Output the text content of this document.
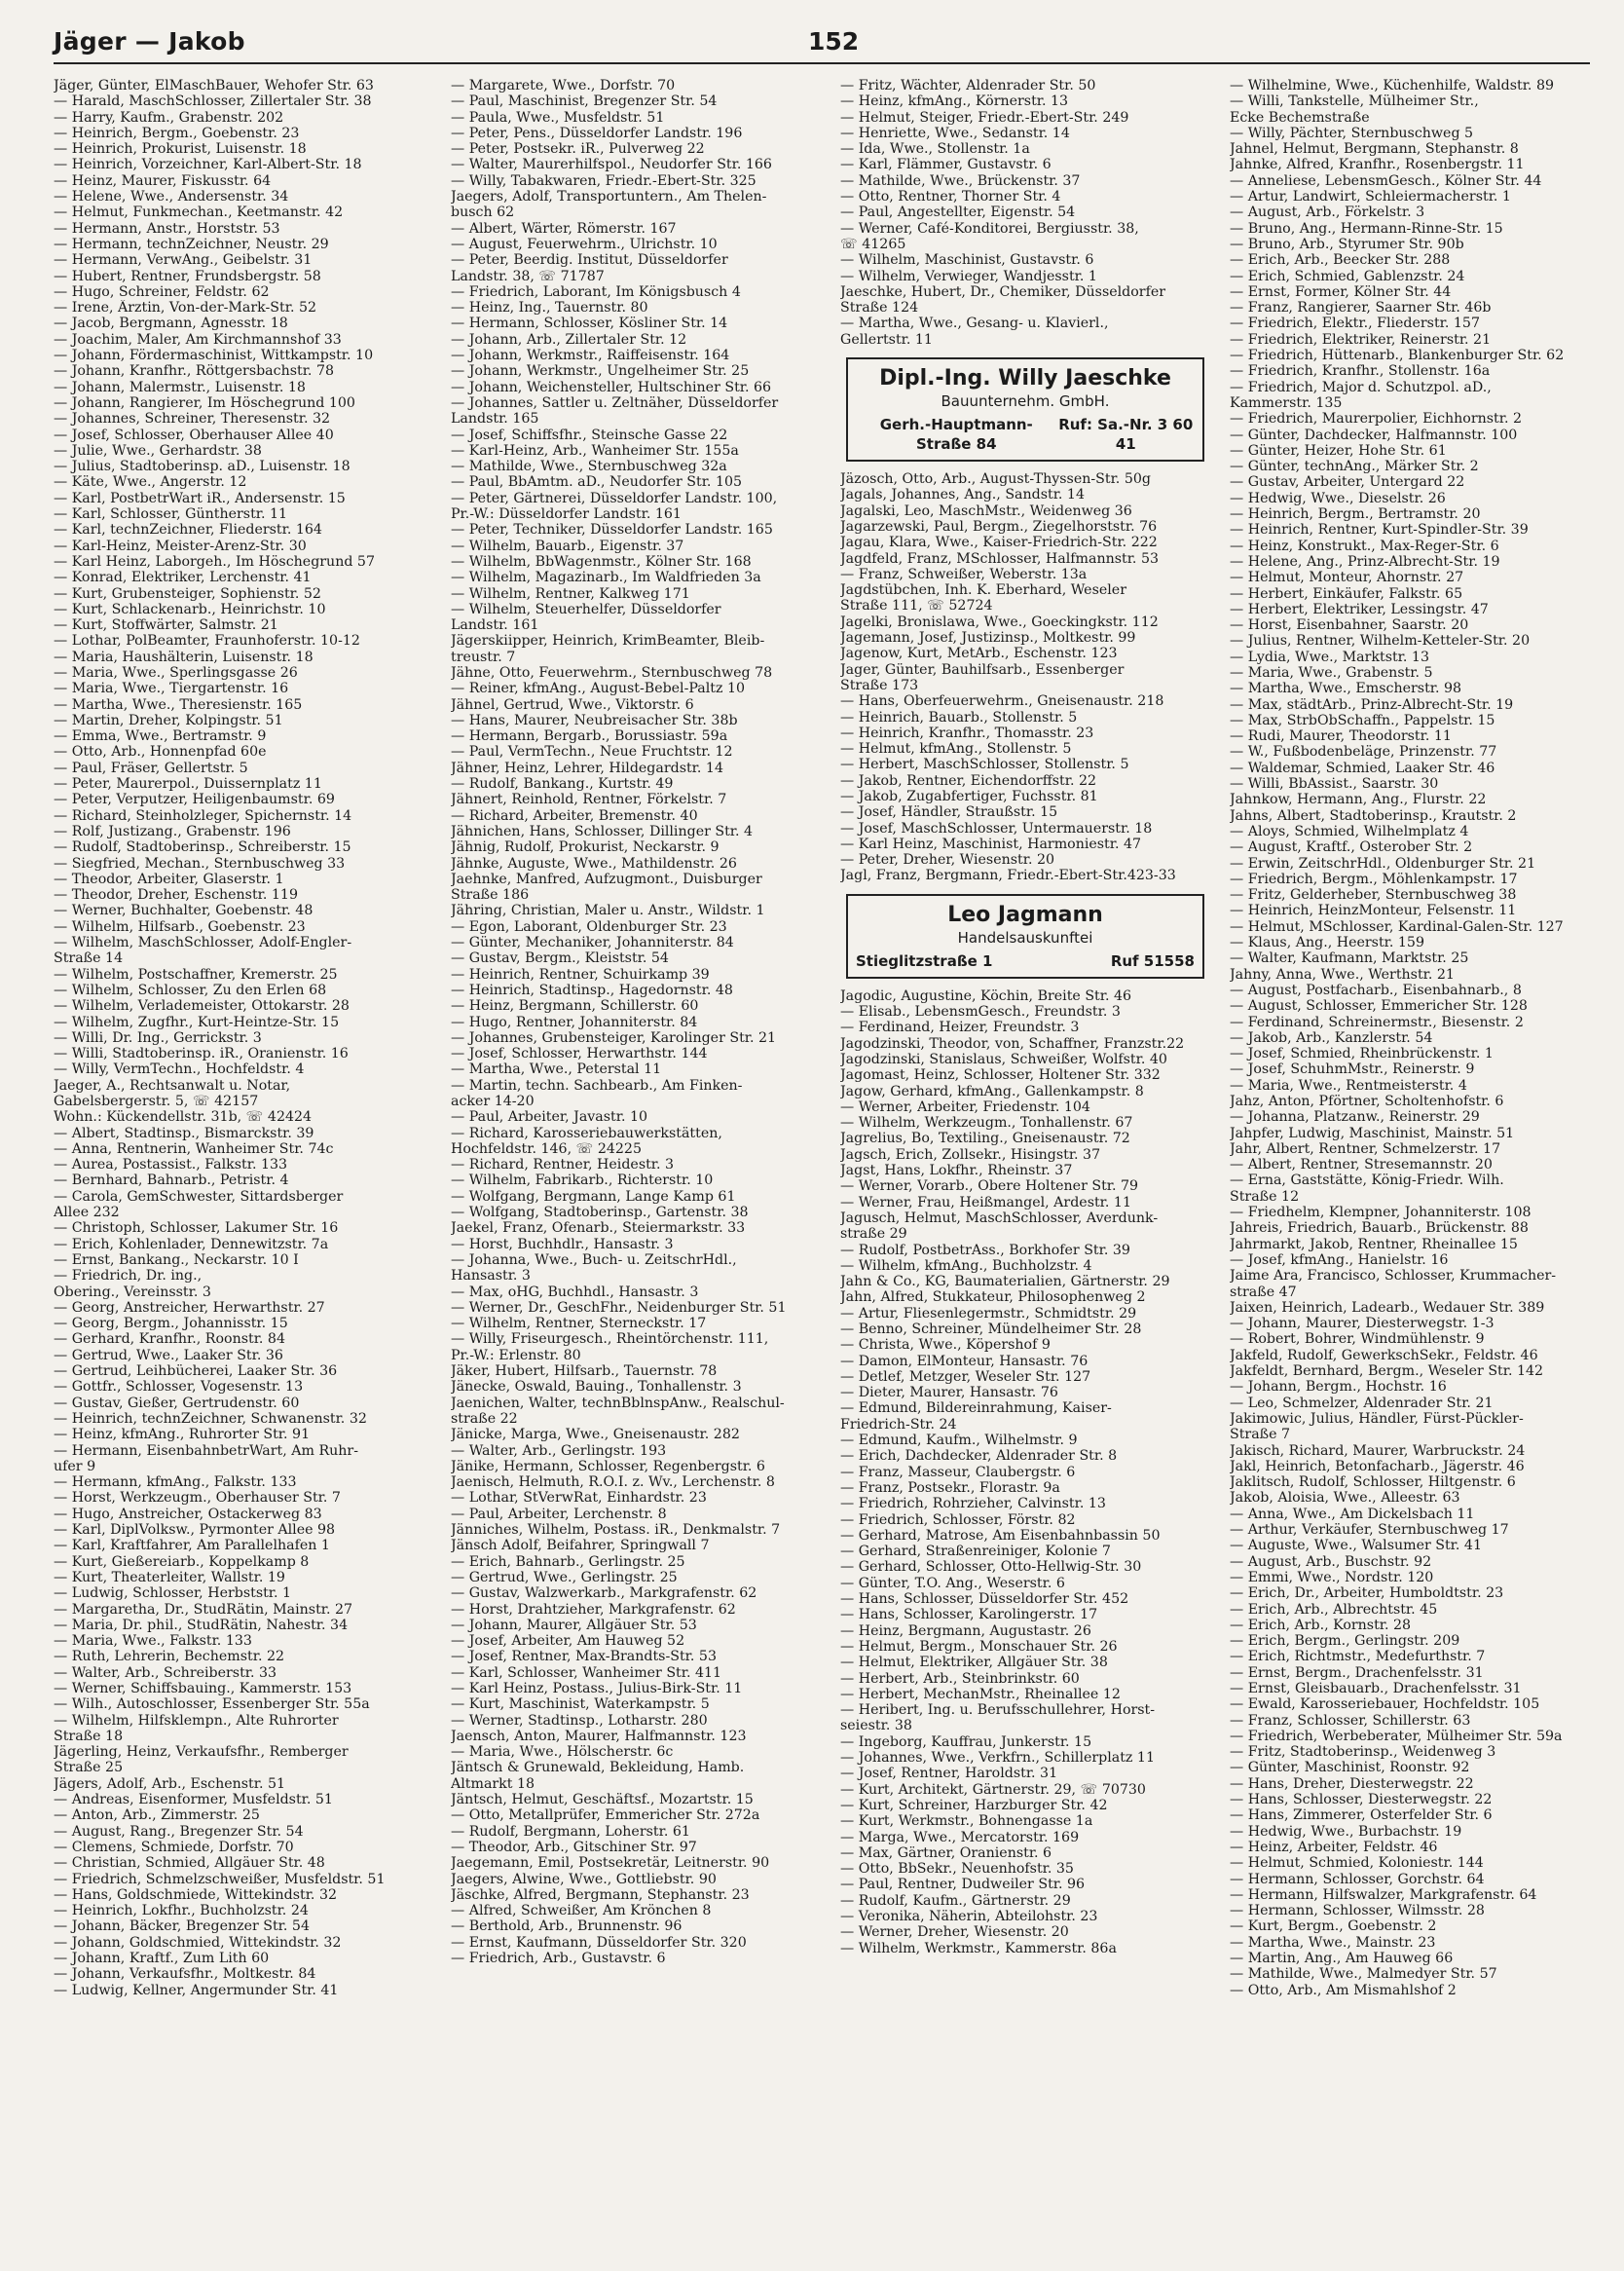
Jäger — Jakob	152
Jäger, Günter, ElMaschBauer, Wehofer Str. 63
— Harald, MaschSchlosser, Zillertaler Str. 38
— Harry, Kaufm., Grabenstr. 202
— Heinrich, Bergm., Goebenstr. 23
— Heinrich, Prokurist, Luisenstr. 18
— Heinrich, Vorzeichner, Karl-Albert-Str. 18
— Heinz, Maurer, Fiskusstr. 64
— Helene, Wwe., Andersenstr. 34
— Helmut, Funkmechan., Keetmanstr. 42
— Hermann, Anstr., Horststr. 53
— Hermann, technZeichner, Neustr. 29
— Hermann, VerwAng., Geibelstr. 31
— Hubert, Rentner, Frundsbergstr. 58
— Hugo, Schreiner, Feldstr. 62
— Irene, Ärztin, Von-der-Mark-Str. 52
— Jacob, Bergmann, Agnesstr. 18
— Joachim, Maler, Am Kirchmannshof 33
— Johann, Fördermaschinist, Wittkampstr. 10
— Johann, Kranfhr., Röttgersbachstr. 78
— Johann, Malermstr., Luisenstr. 18
— Johann, Rangierer, Im Höschegrund 100
— Johannes, Schreiner, Theresenstr. 32
— Josef, Schlosser, Oberhauser Allee 40
— Julie, Wwe., Gerhardstr. 38
— Julius, Stadtoberinsp. aD., Luisenstr. 18
— Käte, Wwe., Angerstr. 12
— Karl, PostbetrWart iR., Andersenstr. 15
— Karl, Schlosser, Güntherstr. 11
— Karl, technZeichner, Fliederstr. 164
— Karl-Heinz, Meister-Arenz-Str. 30
— Karl Heinz, Laborgeh., Im Höschegrund 57
— Konrad, Elektriker, Lerchenstr. 41
— Kurt, Grubensteiger, Sophienstr. 52
— Kurt, Schlackenarb., Heinrichstr. 10
— Kurt, Stoffwärter, Salmstr. 21
— Lothar, PolBeamter, Fraunhoferstr. 10-12
— Maria, Haushälterin, Luisenstr. 18
— Maria, Wwe., Sperlingsgasse 26
— Maria, Wwe., Tiergartenstr. 16
— Martha, Wwe., Theresienstr. 165
— Martin, Dreher, Kolpingstr. 51
— Emma, Wwe., Bertramstr. 9
— Otto, Arb., Honnenpfad 60e
— Paul, Fräser, Gellertstr. 5
— Peter, Maurerpol., Duissernplatz 11
— Peter, Verputzer, Heiligenbaumstr. 69
— Richard, Steinholzleger, Spichernstr. 14
— Rolf, Justizang., Grabenstr. 196
— Rudolf, Stadtoberinsp., Schreiberstr. 15
— Siegfried, Mechan., Sternbuschweg 33
— Theodor, Arbeiter, Glaserstr. 1
— Theodor, Dreher, Eschenstr. 119
— Werner, Buchhalter, Goebenstr. 48
— Wilhelm, Hilfsarb., Goebenstr. 23
— Wilhelm, MaschSchlosser, Adolf-Engler-
Straße 14
— Wilhelm, Postschaffner, Kremerstr. 25
— Wilhelm, Schlosser, Zu den Erlen 68
— Wilhelm, Verlademeister, Ottokarstr. 28
— Wilhelm, Zugfhr., Kurt-Heintze-Str. 15
— Willi, Dr. Ing., Gerrickstr. 3
— Willi, Stadtoberinsp. iR., Oranienstr. 16
— Willy, VermTechn., Hochfeldstr. 4
Jaeger, A., Rechtsanwalt u. Notar,
Gabelsbergerstr. 5, ☏ 42157
Wohn.: Kückendellstr. 31b, ☏ 42424
— Albert, Stadtinsp., Bismarckstr. 39
— Anna, Rentnerin, Wanheimer Str. 74c
— Aurea, Postassist., Falkstr. 133
— Bernhard, Bahnarb., Petristr. 4
— Carola, GemSchwester, Sittardsberger
Allee 232
— Christoph, Schlosser, Lakumer Str. 16
— Erich, Kohlenlader, Dennewitzstr. 7a
— Ernst, Bankang., Neckarstr. 10 I
— Friedrich, Dr. ing.,
Obering., Vereinsstr. 3
— Georg, Anstreicher, Herwarthstr. 27
— Georg, Bergm., Johannisstr. 15
— Gerhard, Kranfhr., Roonstr. 84
— Gertrud, Wwe., Laaker Str. 36
— Gertrud, Leihbücherei, Laaker Str. 36
— Gottfr., Schlosser, Vogesenstr. 13
— Gustav, Gießer, Gertrudenstr. 60
— Heinrich, technZeichner, Schwanenstr. 32
— Heinz, kfmAng., Ruhrorter Str. 91
— Hermann, EisenbahnbetrWart, Am Ruhr-
ufer 9
— Hermann, kfmAng., Falkstr. 133
— Horst, Werkzeugm., Oberhauser Str. 7
— Hugo, Anstreicher, Ostackerweg 83
— Karl, DiplVolksw., Pyrmonter Allee 98
— Karl, Kraftfahrer, Am Parallelhafen 1
— Kurt, Gießereiarb., Koppelkamp 8
— Kurt, Theaterleiter, Wallstr. 19
— Ludwig, Schlosser, Herbststr. 1
— Margaretha, Dr., StudRätin, Mainstr. 27
— Maria, Dr. phil., StudRätin, Nahestr. 34
— Maria, Wwe., Falkstr. 133
— Ruth, Lehrerin, Bechemstr. 22
— Walter, Arb., Schreiberstr. 33
— Werner, Schiffsbauing., Kammerstr. 153
— Wilh., Autoschlosser, Essenberger Str. 55a
— Wilhelm, Hilfsklempn., Alte Ruhrorter
Straße 18
Jägerling, Heinz, Verkaufsfhr., Remberger
Straße 25
Jägers, Adolf, Arb., Eschenstr. 51
— Andreas, Eisenformer, Musfeldstr. 51
— Anton, Arb., Zimmerstr. 25
— August, Rang., Bregenzer Str. 54
— Clemens, Schmiede, Dorfstr. 70
— Christian, Schmied, Allgäuer Str. 48
— Friedrich, Schmelzschweißer, Musfeldstr. 51
— Hans, Goldschmiede, Wittekindstr. 32
— Heinrich, Lokfhr., Buchholzstr. 24
— Johann, Bäcker, Bregenzer Str. 54
— Johann, Goldschmied, Wittekindstr. 32
— Johann, Kraftf., Zum Lith 60
— Johann, Verkaufsfhr., Moltkestr. 84
— Ludwig, Kellner, Angermunder Str. 41
— Margarete, Wwe., Dorfstr. 70
— Paul, Maschinist, Bregenzer Str. 54
— Paula, Wwe., Musfeldstr. 51
— Peter, Pens., Düsseldorfer Landstr. 196
— Peter, Postsekr. iR., Pulverweg 22
— Walter, Maurerhilfspol., Neudorfer Str. 166
— Willy, Tabakwaren, Friedr.-Ebert-Str. 325
Jaegers, Adolf, Transportuntern., Am Thelen-
busch 62
— Albert, Wärter, Römerstr. 167
— August, Feuerwehrm., Ulrichstr. 10
— Peter, Beerdig. Institut, Düsseldorfer
Landstr. 38, ☏ 71787
— Friedrich, Laborant, Im Königsbusch 4
— Heinz, Ing., Tauernstr. 80
— Hermann, Schlosser, Kösliner Str. 14
— Johann, Arb., Zillertaler Str. 12
— Johann, Werkmstr., Raiffeisenstr. 164
— Johann, Werkmstr., Ungelheimer Str. 25
— Johann, Weichensteller, Hultschiner Str. 66
— Johannes, Sattler u. Zeltnäher, Düsseldorfer
Landstr. 165
— Josef, Schiffsfhr., Steinsche Gasse 22
— Karl-Heinz, Arb., Wanheimer Str. 155a
— Mathilde, Wwe., Sternbuschweg 32a
— Paul, BbAmtm. aD., Neudorfer Str. 105
— Peter, Gärtnerei, Düsseldorfer Landstr. 100,
Pr.-W.: Düsseldorfer Landstr. 161
— Peter, Techniker, Düsseldorfer Landstr. 165
— Wilhelm, Bauarb., Eigenstr. 37
— Wilhelm, BbWagenmstr., Kölner Str. 168
— Wilhelm, Magazinarb., Im Waldfrieden 3a
— Wilhelm, Rentner, Kalkweg 171
— Wilhelm, Steuerhelfer, Düsseldorfer
Landstr. 161
Jägerskiipper, Heinrich, KrimBeamter, Bleib-
treustr. 7
Jähne, Otto, Feuerwehrm., Sternbuschweg 78
— Reiner, kfmAng., August-Bebel-Paltz 10
Jähnel, Gertrud, Wwe., Viktorstr. 6
— Hans, Maurer, Neubreisacher Str. 38b
— Hermann, Bergarb., Borussiastr. 59a
— Paul, VermTechn., Neue Fruchtstr. 12
Jähner, Heinz, Lehrer, Hildegardstr. 14
— Rudolf, Bankang., Kurtstr. 49
Jähnert, Reinhold, Rentner, Förkelstr. 7
— Richard, Arbeiter, Bremenstr. 40
Jähnichen, Hans, Schlosser, Dillinger Str. 4
Jähnig, Rudolf, Prokurist, Neckarstr. 9
Jähnke, Auguste, Wwe., Mathildenstr. 26
Jaehnke, Manfred, Aufzugmont., Duisburger
Straße 186
Jähring, Christian, Maler u. Anstr., Wildstr. 1
— Egon, Laborant, Oldenburger Str. 23
— Günter, Mechaniker, Johanniterstr. 84
— Gustav, Bergm., Kleiststr. 54
— Heinrich, Rentner, Schuirkamp 39
— Heinrich, Stadtinsp., Hagedornstr. 48
— Heinz, Bergmann, Schillerstr. 60
— Hugo, Rentner, Johanniterstr. 84
— Johannes, Grubensteiger, Karolinger Str. 21
— Josef, Schlosser, Herwarthstr. 144
— Martha, Wwe., Peterstal 11
— Martin, techn. Sachbearb., Am Finken-
acker 14-20
— Paul, Arbeiter, Javastr. 10
— Richard, Karosseriebauwerkstätten,
Hochfeldstr. 146, ☏ 24225
— Richard, Rentner, Heidestr. 3
— Wilhelm, Fabrikarb., Richterstr. 10
— Wolfgang, Bergmann, Lange Kamp 61
— Wolfgang, Stadtoberinsp., Gartenstr. 38
Jaekel, Franz, Ofenarb., Steiermarkstr. 33
— Horst, Buchhdlr., Hansastr. 3
— Johanna, Wwe., Buch- u. ZeitschrHdl.,
Hansastr. 3
— Max, oHG, Buchhdl., Hansastr. 3
— Werner, Dr., GeschFhr., Neidenburger Str. 51
— Wilhelm, Rentner, Sterneckstr. 17
— Willy, Friseurgesch., Rheintörchenstr. 111,
Pr.-W.: Erlenstr. 80
Jäker, Hubert, Hilfsarb., Tauernstr. 78
Jänecke, Oswald, Bauing., Tonhallenstr. 3
Jaenichen, Walter, technBblnspAnw., Realschul-
straße 22
Jänicke, Marga, Wwe., Gneisenaustr. 282
— Walter, Arb., Gerlingstr. 193
Jänike, Hermann, Schlosser, Regenbergstr. 6
Jaenisch, Helmuth, R.O.I. z. Wv., Lerchenstr. 8
— Lothar, StVerwRat, Einhardstr. 23
— Paul, Arbeiter, Lerchenstr. 8
Jänniches, Wilhelm, Postass. iR., Denkmalstr. 7
Jänsch Adolf, Beifahrer, Springwall 7
— Erich, Bahnarb., Gerlingstr. 25
— Gertrud, Wwe., Gerlingstr. 25
— Gustav, Walzwerkarb., Markgrafenstr. 62
— Horst, Drahtzieher, Markgrafenstr. 62
— Johann, Maurer, Allgäuer Str. 53
— Josef, Arbeiter, Am Hauweg 52
— Josef, Rentner, Max-Brandts-Str. 53
— Karl, Schlosser, Wanheimer Str. 411
— Karl Heinz, Postass., Julius-Birk-Str. 11
— Kurt, Maschinist, Waterkampstr. 5
— Werner, Stadtinsp., Lotharstr. 280
Jaensch, Anton, Maurer, Halfmannstr. 123
— Maria, Wwe., Hölscherstr. 6c
Jäntsch & Grunewald, Bekleidung, Hamb.
Altmarkt 18
Jäntsch, Helmut, Geschäftsf., Mozartstr. 15
— Otto, Metallprüfer, Emmericher Str. 272a
— Rudolf, Bergmann, Loherstr. 61
— Theodor, Arb., Gitschiner Str. 97
Jaegemann, Emil, Postsekretär, Leitnerstr. 90
Jaegers, Alwine, Wwe., Gottliebstr. 90
Jäschke, Alfred, Bergmann, Stephanstr. 23
— Alfred, Schweißer, Am Krönchen 8
— Berthold, Arb., Brunnenstr. 96
— Ernst, Kaufmann, Düsseldorfer Str. 320
— Friedrich, Arb., Gustavstr. 6
— Fritz, Wächter, Aldenrader Str. 50
— Heinz, kfmAng., Körnerstr. 13
— Helmut, Steiger, Friedr.-Ebert-Str. 249
— Henriette, Wwe., Sedanstr. 14
— Ida, Wwe., Stollenstr. 1a
— Karl, Flämmer, Gustavstr. 6
— Mathilde, Wwe., Brückenstr. 37
— Otto, Rentner, Thorner Str. 4
— Paul, Angestellter, Eigenstr. 54
— Werner, Café-Konditorei, Bergiusstr. 38,
☏ 41265
— Wilhelm, Maschinist, Gustavstr. 6
— Wilhelm, Verwieger, Wandjesstr. 1
Jaeschke, Hubert, Dr., Chemiker, Düsseldorfer
Straße 124
— Martha, Wwe., Gesang- u. Klavierl.,
Gellertstr. 11
Dipl.-Ing. Willy Jaeschke
Bauunternehm. GmbH.
Gerh.-Hauptmann-Straße 84
Ruf: Sa.-Nr. 3 60 41
Jäzosch, Otto, Arb., August-Thyssen-Str. 50g
Jagals, Johannes, Ang., Sandstr. 14
Jagalski, Leo, MaschMstr., Weidenweg 36
Jagarzewski, Paul, Bergm., Ziegelhorststr. 76
Jagau, Klara, Wwe., Kaiser-Friedrich-Str. 222
Jagdfeld, Franz, MSchlosser, Halfmannstr. 53
— Franz, Schweißer, Weberstr. 13a
Jagdstübchen, Inh. K. Eberhard, Weseler
Straße 111, ☏ 52724
Jagelki, Bronislawa, Wwe., Goeckingkstr. 112
Jagemann, Josef, Justizinsp., Moltkestr. 99
Jagenow, Kurt, MetArb., Eschenstr. 123
Jager, Günter, Bauhilfsarb., Essenberger
Straße 173
— Hans, Oberfeuerwehrm., Gneisenaustr. 218
— Heinrich, Bauarb., Stollenstr. 5
— Heinrich, Kranfhr., Thomasstr. 23
— Helmut, kfmAng., Stollenstr. 5
— Herbert, MaschSchlosser, Stollenstr. 5
— Jakob, Rentner, Eichendorffstr. 22
— Jakob, Zugabfertiger, Fuchsstr. 81
— Josef, Händler, Straußstr. 15
— Josef, MaschSchlosser, Untermauerstr. 18
— Karl Heinz, Maschinist, Harmoniestr. 47
— Peter, Dreher, Wiesenstr. 20
Jagl, Franz, Bergmann, Friedr.-Ebert-Str.423-33
Leo Jagmann
Handelsauskunftei
Stieglitzstraße 1	Ruf 51558
Jagodic, Augustine, Köchin, Breite Str. 46
— Elisab., LebensmGesch., Freundstr. 3
— Ferdinand, Heizer, Freundstr. 3
Jagodzinski, Theodor, von, Schaffner, Franzstr.22
Jagodzinski, Stanislaus, Schweißer, Wolfstr. 40
Jagomast, Heinz, Schlosser, Holtener Str. 332
Jagow, Gerhard, kfmAng., Gallenkampstr. 8
— Werner, Arbeiter, Friedenstr. 104
— Wilhelm, Werkzeugm., Tonhallenstr. 67
Jagrelius, Bo, Textiling., Gneisenaustr. 72
Jagsch, Erich, Zollsekr., Hisingstr. 37
Jagst, Hans, Lokfhr., Rheinstr. 37
— Werner, Vorarb., Obere Holtener Str. 79
— Werner, Frau, Heißmangel, Ardestr. 11
Jagusch, Helmut, MaschSchlosser, Averdunk-
straße 29
— Rudolf, PostbetrAss., Borkhofer Str. 39
— Wilhelm, kfmAng., Buchholzstr. 4
Jahn & Co., KG, Baumaterialien, Gärtnerstr. 29
Jahn, Alfred, Stukkateur, Philosophenweg 2
— Artur, Fliesenlegermstr., Schmidtstr. 29
— Benno, Schreiner, Mündelheimer Str. 28
— Christa, Wwe., Köpershof 9
— Damon, ElMonteur, Hansastr. 76
— Detlef, Metzger, Weseler Str. 127
— Dieter, Maurer, Hansastr. 76
— Edmund, Bildereinrahmung, Kaiser-
Friedrich-Str. 24
— Edmund, Kaufm., Wilhelmstr. 9
— Erich, Dachdecker, Aldenrader Str. 8
— Franz, Masseur, Claubergstr. 6
— Franz, Postsekr., Florastr. 9a
— Friedrich, Rohrzieher, Calvinstr. 13
— Friedrich, Schlosser, Förstr. 82
— Gerhard, Matrose, Am Eisenbahnbassin 50
— Gerhard, Straßenreiniger, Kolonie 7
— Gerhard, Schlosser, Otto-Hellwig-Str. 30
— Günter, T.O. Ang., Weserstr. 6
— Hans, Schlosser, Düsseldorfer Str. 452
— Hans, Schlosser, Karolingerstr. 17
— Heinz, Bergmann, Augustastr. 26
— Helmut, Bergm., Monschauer Str. 26
— Helmut, Elektriker, Allgäuer Str. 38
— Herbert, Arb., Steinbrinkstr. 60
— Herbert, MechanMstr., Rheinallee 12
— Heribert, Ing. u. Berufsschullehrer, Horst-
seiestr. 38
— Ingeborg, Kauffrau, Junkerstr. 15
— Johannes, Wwe., Verkfrn., Schillerplatz 11
— Josef, Rentner, Haroldstr. 31
— Kurt, Architekt, Gärtnerstr. 29, ☏ 70730
— Kurt, Schreiner, Harzburger Str. 42
— Kurt, Werkmstr., Bohnengasse 1a
— Marga, Wwe., Mercatorstr. 169
— Max, Gärtner, Oranienstr. 6
— Otto, BbSekr., Neuenhofstr. 35
— Paul, Rentner, Dudweiler Str. 96
— Rudolf, Kaufm., Gärtnerstr. 29
— Veronika, Näherin, Abteilohstr. 23
— Werner, Dreher, Wiesenstr. 20
— Wilhelm, Werkmstr., Kammerstr. 86a
— Wilhelmine, Wwe., Küchenhilfe, Waldstr. 89
— Willi, Tankstelle, Mülheimer Str.,
Ecke Bechemstraße
— Willy, Pächter, Sternbuschweg 5
Jahnel, Helmut, Bergmann, Stephanstr. 8
Jahnke, Alfred, Kranfhr., Rosenbergstr. 11
— Anneliese, LebensmGesch., Kölner Str. 44
— Artur, Landwirt, Schleiermacherstr. 1
— August, Arb., Förkelstr. 3
— Bruno, Ang., Hermann-Rinne-Str. 15
— Bruno, Arb., Styrumer Str. 90b
— Erich, Arb., Beecker Str. 288
— Erich, Schmied, Gablenzstr. 24
— Ernst, Former, Kölner Str. 44
— Franz, Rangierer, Saarner Str. 46b
— Friedrich, Elektr., Fliederstr. 157
— Friedrich, Elektriker, Reinerstr. 21
— Friedrich, Hüttenarb., Blankenburger Str. 62
— Friedrich, Kranfhr., Stollenstr. 16a
— Friedrich, Major d. Schutzpol. aD.,
Kammerstr. 135
— Friedrich, Maurerpolier, Eichhornstr. 2
— Günter, Dachdecker, Halfmannstr. 100
— Günter, Heizer, Hohe Str. 61
— Günter, technAng., Märker Str. 2
— Gustav, Arbeiter, Untergard 22
— Hedwig, Wwe., Dieselstr. 26
— Heinrich, Bergm., Bertramstr. 20
— Heinrich, Rentner, Kurt-Spindler-Str. 39
— Heinz, Konstrukt., Max-Reger-Str. 6
— Helene, Ang., Prinz-Albrecht-Str. 19
— Helmut, Monteur, Ahornstr. 27
— Herbert, Einkäufer, Falkstr. 65
— Herbert, Elektriker, Lessingstr. 47
— Horst, Eisenbahner, Saarstr. 20
— Julius, Rentner, Wilhelm-Ketteler-Str. 20
— Lydia, Wwe., Marktstr. 13
— Maria, Wwe., Grabenstr. 5
— Martha, Wwe., Emscherstr. 98
— Max, städtArb., Prinz-Albrecht-Str. 19
— Max, StrbObSchaffn., Pappelstr. 15
— Rudi, Maurer, Theodorstr. 11
— W., Fußbodenbeläge, Prinzenstr. 77
— Waldemar, Schmied, Laaker Str. 46
— Willi, BbAssist., Saarstr. 30
Jahnkow, Hermann, Ang., Flurstr. 22
Jahns, Albert, Stadtoberinsp., Krautstr. 2
— Aloys, Schmied, Wilhelmplatz 4
— August, Kraftf., Osterober Str. 2
— Erwin, ZeitschrHdl., Oldenburger Str. 21
— Friedrich, Bergm., Möhlenkampstr. 17
— Fritz, Gelderheber, Sternbuschweg 38
— Heinrich, HeinzMonteur, Felsenstr. 11
— Helmut, MSchlosser, Kardinal-Galen-Str. 127
— Klaus, Ang., Heerstr. 159
— Walter, Kaufmann, Marktstr. 25
Jahny, Anna, Wwe., Werthstr. 21
— August, Postfacharb., Eisenbahnarb., 8
— August, Schlosser, Emmericher Str. 128
— Ferdinand, Schreinermstr., Biesenstr. 2
— Jakob, Arb., Kanzlerstr. 54
— Josef, Schmied, Rheinbrückenstr. 1
— Josef, SchuhmMstr., Reinerstr. 9
— Maria, Wwe., Rentmeisterstr. 4
Jahz, Anton, Pförtner, Scholtenhofstr. 6
— Johanna, Platzanw., Reinerstr. 29
Jahpfer, Ludwig, Maschinist, Mainstr. 51
Jahr, Albert, Rentner, Schmelzerstr. 17
— Albert, Rentner, Stresemannstr. 20
— Erna, Gaststätte, König-Friedr. Wilh.
Straße 12
— Friedhelm, Klempner, Johanniterstr. 108
Jahreis, Friedrich, Bauarb., Brückenstr. 88
Jahrmarkt, Jakob, Rentner, Rheinallee 15
— Josef, kfmAng., Hanielstr. 16
Jaime Ara, Francisco, Schlosser, Krummacher-
straße 47
Jaixen, Heinrich, Ladearb., Wedauer Str. 389
— Johann, Maurer, Diesterwegstr. 1-3
— Robert, Bohrer, Windmühlenstr. 9
Jakfeld, Rudolf, GewerkschSekr., Feldstr. 46
Jakfeldt, Bernhard, Bergm., Weseler Str. 142
— Johann, Bergm., Hochstr. 16
— Leo, Schmelzer, Aldenrader Str. 21
Jakimowic, Julius, Händler, Fürst-Pückler-
Straße 7
Jakisch, Richard, Maurer, Warbruckstr. 24
Jakl, Heinrich, Betonfacharb., Jägerstr. 46
Jaklitsch, Rudolf, Schlosser, Hiltgenstr. 6
Jakob, Aloisia, Wwe., Alleestr. 63
— Anna, Wwe., Am Dickelsbach 11
— Arthur, Verkäufer, Sternbuschweg 17
— Auguste, Wwe., Walsumer Str. 41
— August, Arb., Buschstr. 92
— Emmi, Wwe., Nordstr. 120
— Erich, Dr., Arbeiter, Humboldtstr. 23
— Erich, Arb., Albrechtstr. 45
— Erich, Arb., Kornstr. 28
— Erich, Bergm., Gerlingstr. 209
— Erich, Richtmstr., Medefurthstr. 7
— Ernst, Bergm., Drachenfelsstr. 31
— Ernst, Gleisbauarb., Drachenfelsstr. 31
— Ewald, Karosseriebauer, Hochfeldstr. 105
— Franz, Schlosser, Schillerstr. 63
— Friedrich, Werbeberater, Mülheimer Str. 59a
— Fritz, Stadtoberinsp., Weidenweg 3
— Günter, Maschinist, Roonstr. 92
— Hans, Dreher, Diesterwegstr. 22
— Hans, Schlosser, Diesterwegstr. 22
— Hans, Zimmerer, Osterfelder Str. 6
— Hedwig, Wwe., Burbachstr. 19
— Heinz, Arbeiter, Feldstr. 46
— Helmut, Schmied, Koloniestr. 144
— Hermann, Schlosser, Gorchstr. 64
— Hermann, Hilfswalzer, Markgrafenstr. 64
— Hermann, Schlosser, Wilmsstr. 28
— Kurt, Bergm., Goebenstr. 2
— Martha, Wwe., Mainstr. 23
— Martin, Ang., Am Hauweg 66
— Mathilde, Wwe., Malmedyer Str. 57
— Otto, Arb., Am Mismahlshof 2
